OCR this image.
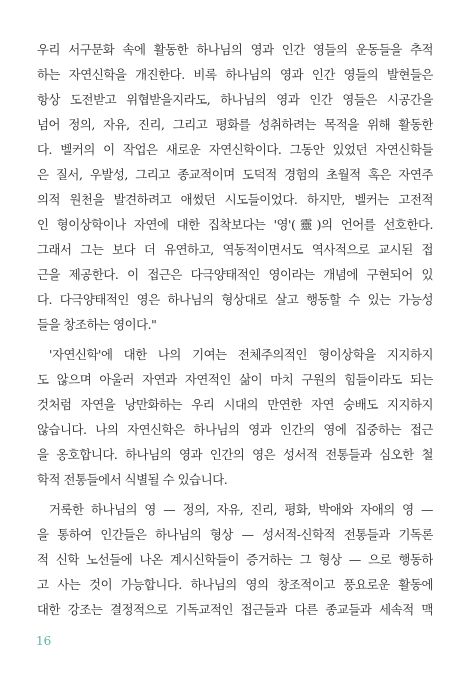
우리 서구문화 속에 활동한 하나님의 영과 인간 영들의 운동들을 추적
하는 자연신학을 개진한다. 비록 하나님의 영과 인간 영들의 발현들은
항상 도전받고 위협받을지라도, 하나님의 영과 인간 영들은 시공간을
넘어 정의, 자유, 진리, 그리고 평화를 성취하려는 목적을 위해 활동한
다. 벨커의 이 작업은 새로운 자연신학이다. 그동안 있었던 자연신학들
은 질서, 우발성, 그리고 종교적이며 도덕적 경험의 초월적 혹은 자연주
의적 원천을 발견하려고 애썼던 시도들이었다. 하지만, 벨커는 고전적
인 형이상학이나 자연에 대한 집착보다는 '영'(靈)의 언어를 선호한다.
그래서 그는 보다 더 유연하고, 역동적이면서도 역사적으로 교시된 접
근을 제공한다. 이 접근은 다극양태적인 영이라는 개념에 구현되어 있
다. 다극양태적인 영은 하나님의 형상대로 살고 행동할 수 있는 가능성
들을 창조하는 영이다."
'자연신학'에 대한 나의 기여는 전체주의적인 형이상학을 지지하지
도 않으며 아울러 자연과 자연적인 삶이 마치 구원의 힘들이라도 되는
것처럼 자연을 낭만화하는 우리 시대의 만연한 자연 숭배도 지지하지
않습니다. 나의 자연신학은 하나님의 영과 인간의 영에 집중하는 접근
을 옹호합니다. 하나님의 영과 인간의 영은 성서적 전통들과 심오한 철
학적 전통들에서 식별될 수 있습니다.
거룩한 하나님의 영 — 정의, 자유, 진리, 평화, 박애와 자애의 영 —
을 통하여 인간들은 하나님의 형상 — 성서적-신학적 전통들과 기독론
적 신학 노선들에 나온 계시신학들이 증거하는 그 형상 — 으로 행동하
고 사는 것이 가능합니다. 하나님의 영의 창조적이고 풍요로운 활동에
대한 강조는 결정적으로 기독교적인 접근들과 다른 종교들과 세속적 맥
16
